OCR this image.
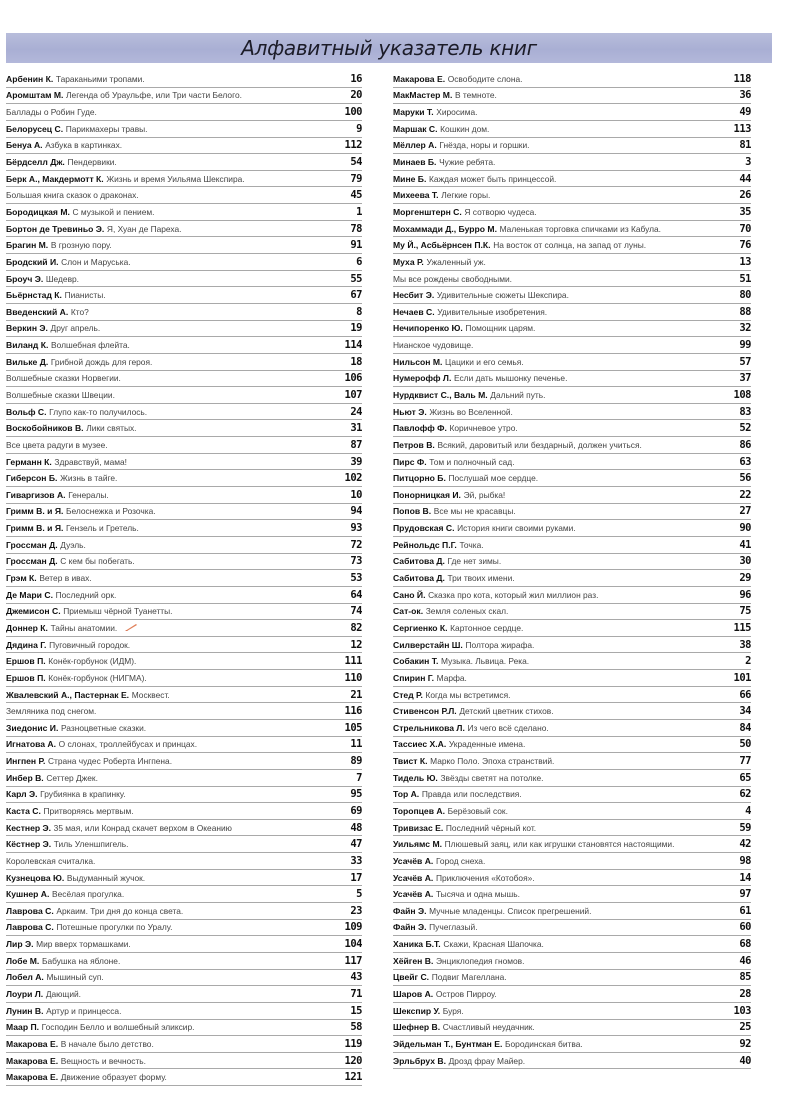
Алфавитный указатель книг
Арбенин К. Тараканьими тропами.	16
Аромштам М. Легенда об Ураульфе, или Три части Белого.	20
Баллады о Робин Гуде.	100
Белорусец С. Парикмахеры травы.	9
Бенуа А. Азбука в картинках.	112
Бёрдселл Дж. Пендервики.	54
Берк А., Макдермотт К. Жизнь и время Уильяма Шекспира.	79
Большая книга сказок о драконах.	45
Бородицкая М. С музыкой и пением.	1
Бортон де Тревиньо Э. Я, Хуан де Пареха.	78
Брагин М. В грозную пору.	91
Бродский И. Слон и Маруська.	6
Броуч Э. Шедевр.	55
Бьёрнстад К. Пианисты.	67
Введенский А. Кто?	8
Веркин Э. Друг апрель.	19
Виланд К. Волшебная флейта.	114
Вильке Д. Грибной дождь для героя.	18
Волшебные сказки Норвегии.	106
Волшебные сказки Швеции.	107
Вольф С. Глупо как-то получилось.	24
Воскобойников В. Лики святых.	31
Все цвета радуги в музее.	87
Германн К. Здравствуй, мама!	39
Гиберсон Б. Жизнь в тайге.	102
Гиваргизов А. Генералы.	10
Гримм В. и Я. Белоснежка и Розочка.	94
Гримм В. и Я. Гензель и Гретель.	93
Гроссман Д. Дуэль.	72
Гроссман Д. С кем бы побегать.	73
Грэм К. Ветер в ивах.	53
Де Мари С. Последний орк.	64
Джемисон С. Приемыш чёрной Туанетты.	74
Доннер К. Тайны анатомии.	82
Дядина Г. Пуговичный городок.	12
Ершов П. Конёк-горбунок (ИДМ).	111
Ершов П. Конёк-горбунок (НИГМА).	110
Жвалевский А., Пастернак Е. Москвест.	21
Земляника под снегом.	116
Зиедонис И. Разноцветные сказки.	105
Игнатова А. О слонах, троллейбусах и принцах.	11
Ингпен Р. Страна чудес Роберта Ингпена.	89
Инбер В. Сеттер Джек.	7
Карл Э. Грубиянка в крапинку.	95
Каста С. Притворяясь мертвым.	69
Кестнер Э. 35 мая, или Конрад скачет верхом в Океанию	48
Кёстнер Э. Тиль Уленшпигель.	47
Королевская считалка.	33
Кузнецова Ю. Выдуманный жучок.	17
Кушнер А. Весёлая прогулка.	5
Лаврова С. Аркаим. Три дня до конца света.	23
Лаврова С. Потешные прогулки по Уралу.	109
Лир Э. Мир вверх тормашками.	104
Лобе М. Бабушка на яблоне.	117
Лобел А. Мышиный суп.	43
Лоури Л. Дающий.	71
Лунин В. Артур и принцесса.	15
Маар П. Господин Белло и волшебный эликсир.	58
Макарова Е. В начале было детство.	119
Макарова Е. Вещность и вечность.	120
Макарова Е. Движение образует форму.	121
Макарова Е. Освободите слона.	118
МакМастер М. В темноте.	36
Маруки Т. Хиросима.	49
Маршак С. Кошкин дом.	113
Мёллер А. Гнёзда, норы и горшки.	81
Минаев Б. Чужие ребята.	3
Мине Б. Каждая может быть принцессой.	44
Михеева Т. Легкие горы.	26
Моргенштерн С. Я сотворю чудеса.	35
Мохаммади Д., Бурро М. Маленькая торговка спичками из Кабула.	70
Му Й., Асбьёрнсен П.К. На восток от солнца, на запад от луны.	76
Муха Р. Ужаленный уж.	13
Мы все рождены свободными.	51
Несбит Э. Удивительные сюжеты Шекспира.	80
Нечаев С. Удивительные изобретения.	88
Нечипоренко Ю. Помощник царям.	32
Нианское чудовище.	99
Нильсон М. Цацики и его семья.	57
Нумерофф Л. Если дать мышонку печенье.	37
Нурдквист С., Валь М. Дальний путь.	108
Ньют Э. Жизнь во Вселенной.	83
Павлофф Ф. Коричневое утро.	52
Петров В. Всякий, даровитый или бездарный, должен учиться.	86
Пирс Ф. Том и полночный сад.	63
Питцорно Б. Послушай мое сердце.	56
Понорницкая И. Эй, рыбка!	22
Попов В. Все мы не красавцы.	27
Прудовская С. История книги своими руками.	90
Рейнольдс П.Г. Точка.	41
Сабитова Д. Где нет зимы.	30
Сабитова Д. Три твоих имени.	29
Сано Й. Сказка про кота, который жил миллион раз.	96
Сат-ок. Земля соленых скал.	75
Сергиенко К. Картонное сердце.	115
Силверстайн Ш. Полтора жирафа.	38
Собакин Т. Музыка. Львица. Река.	2
Спирин Г. Марфа.	101
Стед Р. Когда мы встретимся.	66
Стивенсон Р.Л. Детский цветник стихов.	34
Стрельникова Л. Из чего всё сделано.	84
Тассиес Х.А. Украденные имена.	50
Твист К. Марко Поло. Эпоха странствий.	77
Тидель Ю. Звёзды светят на потолке.	65
Тор А. Правда или последствия.	62
Торопцев А. Берёзовый сок.	4
Тривизас Е. Последний чёрный кот.	59
Уильямс М. Плюшевый заяц, или как игрушки становятся настоящими.	42
Усачёв А. Город снеха.	98
Усачёв А. Приключения «Котобоя».	14
Усачёв А. Тысяча и одна мышь.	97
Файн Э. Мучные младенцы. Список прегрешений.	61
Файн Э. Пучеглазый.	60
Ханика Б.Т. Скажи, Красная Шапочка.	68
Хёйген В. Энциклопедия гномов.	46
Цвейг С. Подвиг Магеллана.	85
Шаров А. Остров Пирроу.	28
Шекспир У. Буря.	103
Шефнер В. Счастливый неудачник.	25
Эйдельман Т., Бунтман Е. Бородинская битва.	92
Эрльбрух В. Дрозд фрау Майер.	40
